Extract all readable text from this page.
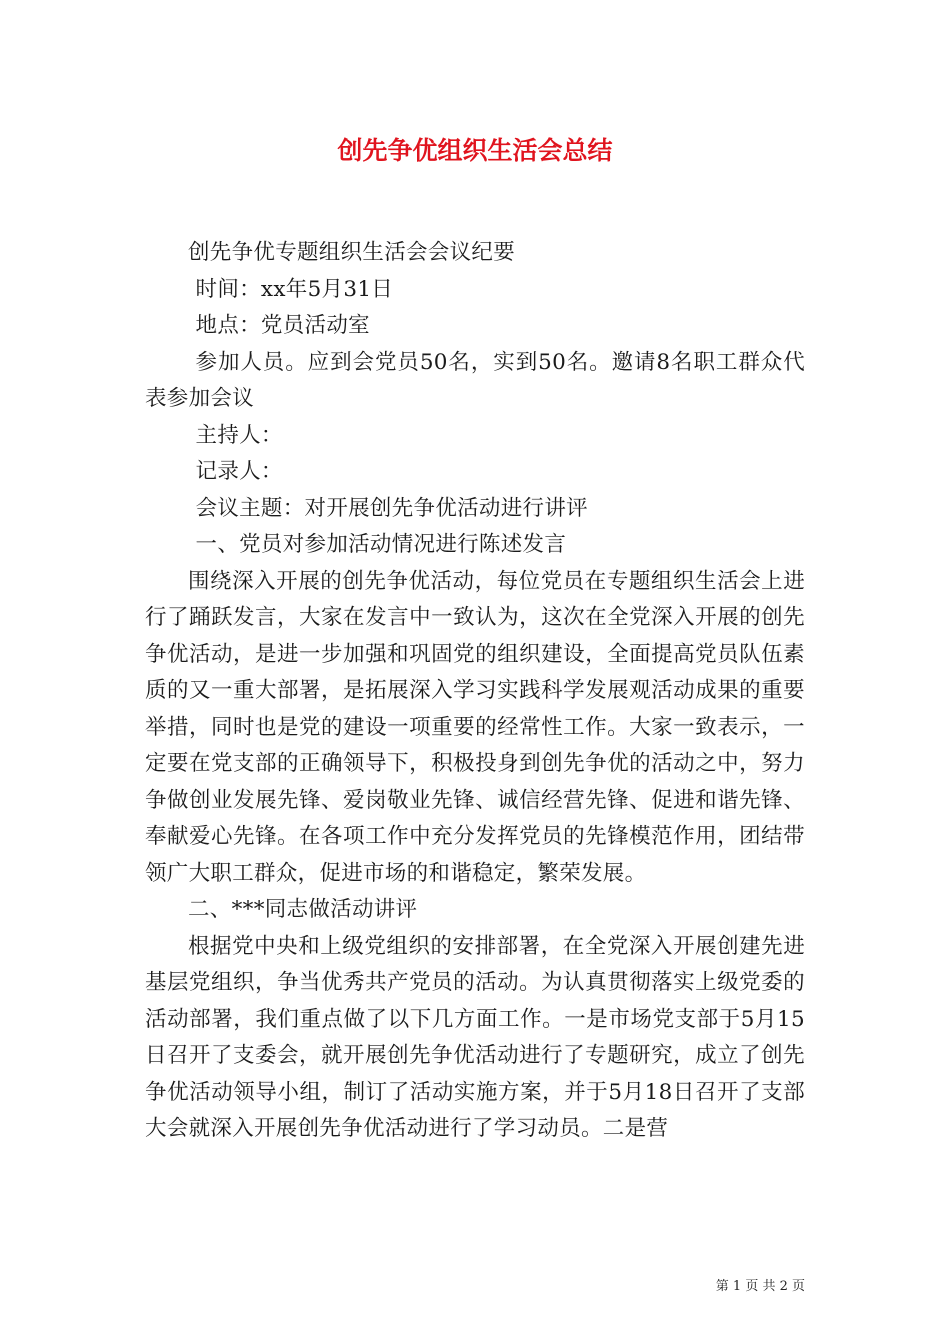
创先争优组织生活会总结

创先争优专题组织生活会会议纪要

时间：xx年5月31日

地点：党员活动室

参加人员。应到会党员50名，实到50名。邀请8名职工群众代表参加会议

主持人：

记录人：

会议主题：对开展创先争优活动进行讲评

一、党员对参加活动情况进行陈述发言

围绕深入开展的创先争优活动，每位党员在专题组织生活会上进行了踊跃发言，大家在发言中一致认为，这次在全党深入开展的创先争优活动，是进一步加强和巩固党的组织建设，全面提高党员队伍素质的又一重大部署，是拓展深入学习实践科学发展观活动成果的重要举措，同时也是党的建设一项重要的经常性工作。大家一致表示，一定要在党支部的正确领导下，积极投身到创先争优的活动之中，努力争做创业发展先锋、爱岗敬业先锋、诚信经营先锋、促进和谐先锋、奉献爱心先锋。在各项工作中充分发挥党员的先锋模范作用，团结带领广大职工群众，促进市场的和谐稳定，繁荣发展。

二、***同志做活动讲评

根据党中央和上级党组织的安排部署，在全党深入开展创建先进基层党组织，争当优秀共产党员的活动。为认真贯彻落实上级党委的活动部署，我们重点做了以下几方面工作。一是市场党支部于5月15日召开了支委会，就开展创先争优活动进行了专题研究，成立了创先争优活动领导小组，制订了活动实施方案，并于5月18日召开了支部大会就深入开展创先争优活动进行了学习动员。二是营

第 1 页 共 2 页
